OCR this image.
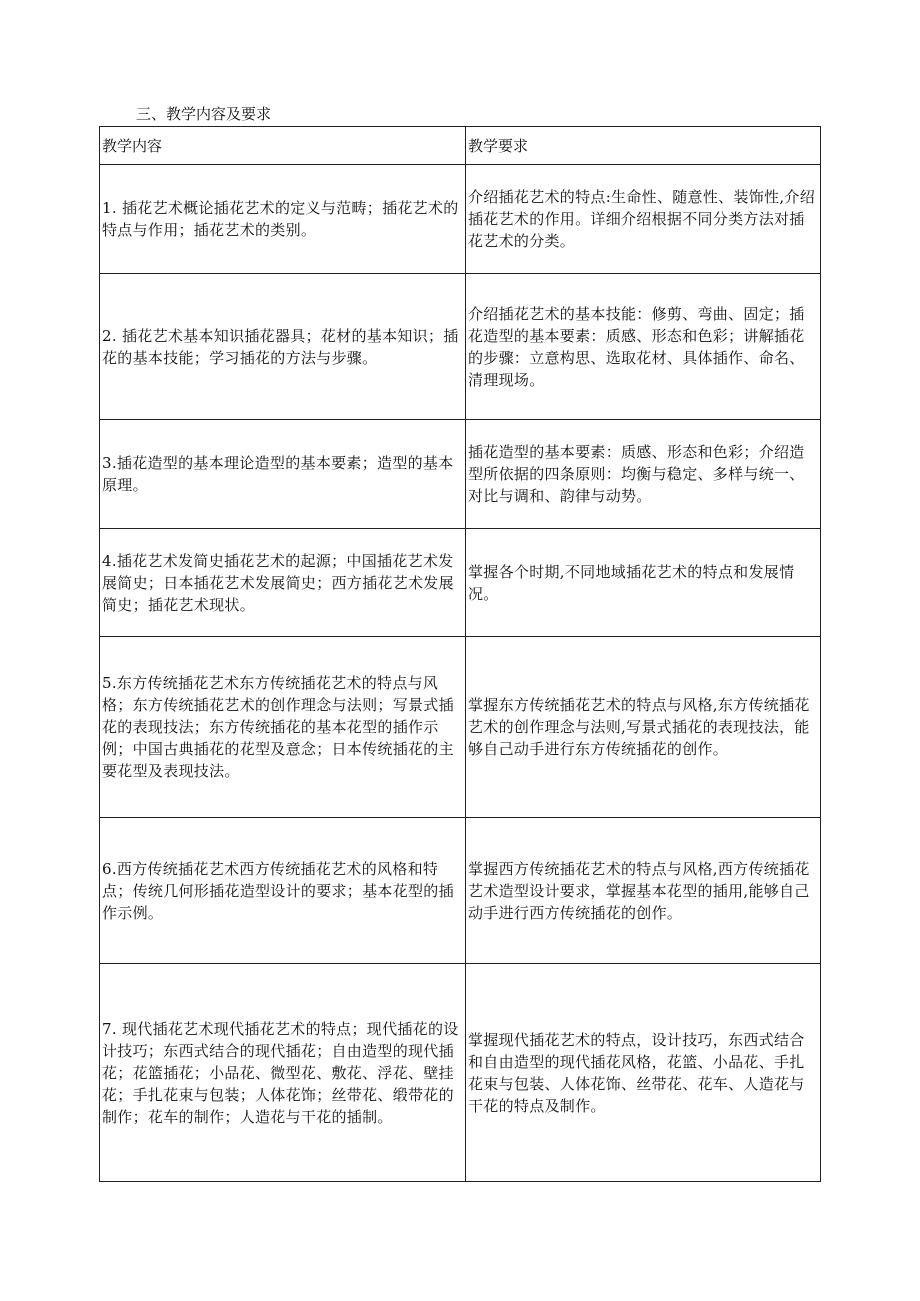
三、教学内容及要求
教学内容	教学要求
1. 插花艺术概论插花艺术的定义与范畴；插花艺术的特点与作用；插花艺术的类别。	介绍插花艺术的特点:生命性、随意性、装饰性,介绍插花艺术的作用。详细介绍根据不同分类方法对插花艺术的分类。
2. 插花艺术基本知识插花器具；花材的基本知识；插花的基本技能；学习插花的方法与步骤。	介绍插花艺术的基本技能：修剪、弯曲、固定；插花造型的基本要素：质感、形态和色彩；讲解插花的步骤：立意构思、选取花材、具体插作、命名、清理现场。
3.插花造型的基本理论造型的基本要素；造型的基本原理。	插花造型的基本要素：质感、形态和色彩；介绍造型所依据的四条原则：均衡与稳定、多样与统一、对比与调和、韵律与动势。
4.插花艺术发简史插花艺术的起源；中国插花艺术发展简史；日本插花艺术发展简史；西方插花艺术发展简史；插花艺术现状。	掌握各个时期,不同地域插花艺术的特点和发展情况。
5.东方传统插花艺术东方传统插花艺术的特点与风格；东方传统插花艺术的创作理念与法则；写景式插花的表现技法；东方传统插花的基本花型的插作示例；中国古典插花的花型及意念；日本传统插花的主要花型及表现技法。	掌握东方传统插花艺术的特点与风格,东方传统插花艺术的创作理念与法则,写景式插花的表现技法，能够自己动手进行东方传统插花的创作。
6.西方传统插花艺术西方传统插花艺术的风格和特点；传统几何形插花造型设计的要求；基本花型的插作示例。	掌握西方传统插花艺术的特点与风格,西方传统插花艺术造型设计要求，掌握基本花型的插用,能够自己动手进行西方传统插花的创作。
7. 现代插花艺术现代插花艺术的特点；现代插花的设计技巧；东西式结合的现代插花；自由造型的现代插花；花篮插花；小品花、微型花、敷花、浮花、壁挂花；手扎花束与包装；人体花饰；丝带花、缎带花的制作；花车的制作；人造花与干花的插制。	掌握现代插花艺术的特点，设计技巧，东西式结合和自由造型的现代插花风格，花篮、小品花、手扎花束与包装、人体花饰、丝带花、花车、人造花与干花的特点及制作。
